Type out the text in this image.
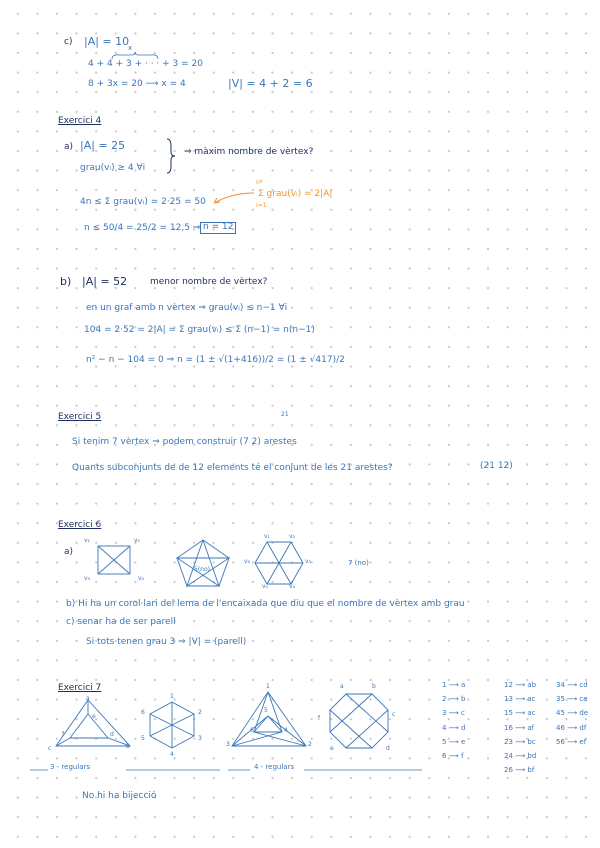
c) |A| = 10
x
4 + 4 + 3 + · · · + 3 = 20
8 + 3x = 20 ⟶ x = 4	|V| = 4 + 2 = 6
Exercici 4
a) |A| = 25
grau(vᵢ) ≥ 4 ∀i
⇒ màxim nombre de vèrtex?
nº
Σ grau(vᵢ) = 2|A|
i=1
4n ≤ Σ grau(vᵢ) = 2·25 = 50
n ≤ 50/4 = 25/2 = 12,5 ⇒ n = 12
b) |A| = 52	menor nombre de vèrtex?
en un graf amb n vèrtex ⇒ grau(vᵢ) ≤ n−1 ∀i
104 = 2·52 = 2|A| = Σ grau(vᵢ) ≤ Σ (n−1) = n(n−1)
n² − n − 104 = 0 ⇒ n = (1 ± √(1+416))/2 = (1 ± √417)/2
Exercici 5	21
Si tenim 7 vèrtex ⇒ podem construir (7 2) arestes
Quants subconjunts de de 12 elements té el conjunt de les 21 arestes?	(21 12)
Exercici 6
a)
v₁	v₂
v₃	v₄
5(no)
v₁	v₂
v₃
v₄
v₅
v₆	7 (no)
b) Hi ha un corol·lari del lema de l'encaixada que diu que el nombre de vèrtex amb grau
c) senar ha de ser parell
Si tots tenen grau 3 ⇒ |V| = (parell)
Exercici 7
a
b
c
d
e
f
1
2
3
4
5
6
3 - regulars
1
2
3
4
5
6
a	b
c
d
e
f
4 - regulars
1 ⟶ a
2 ⟶ b
3 ⟶ c
4 ⟶ d
5 ⟶ e
6 ⟶ f
12 ⟶ ab
13 ⟶ ac
15 ⟶ ac
16 ⟶ af
23 ⟶ bc
24 ⟶ bd
26 ⟶ bf
34 ⟶ cd
35 ⟶ ce
45 ⟶ de
46 ⟶ df
56 ⟶ ef
No hi ha bijecció
